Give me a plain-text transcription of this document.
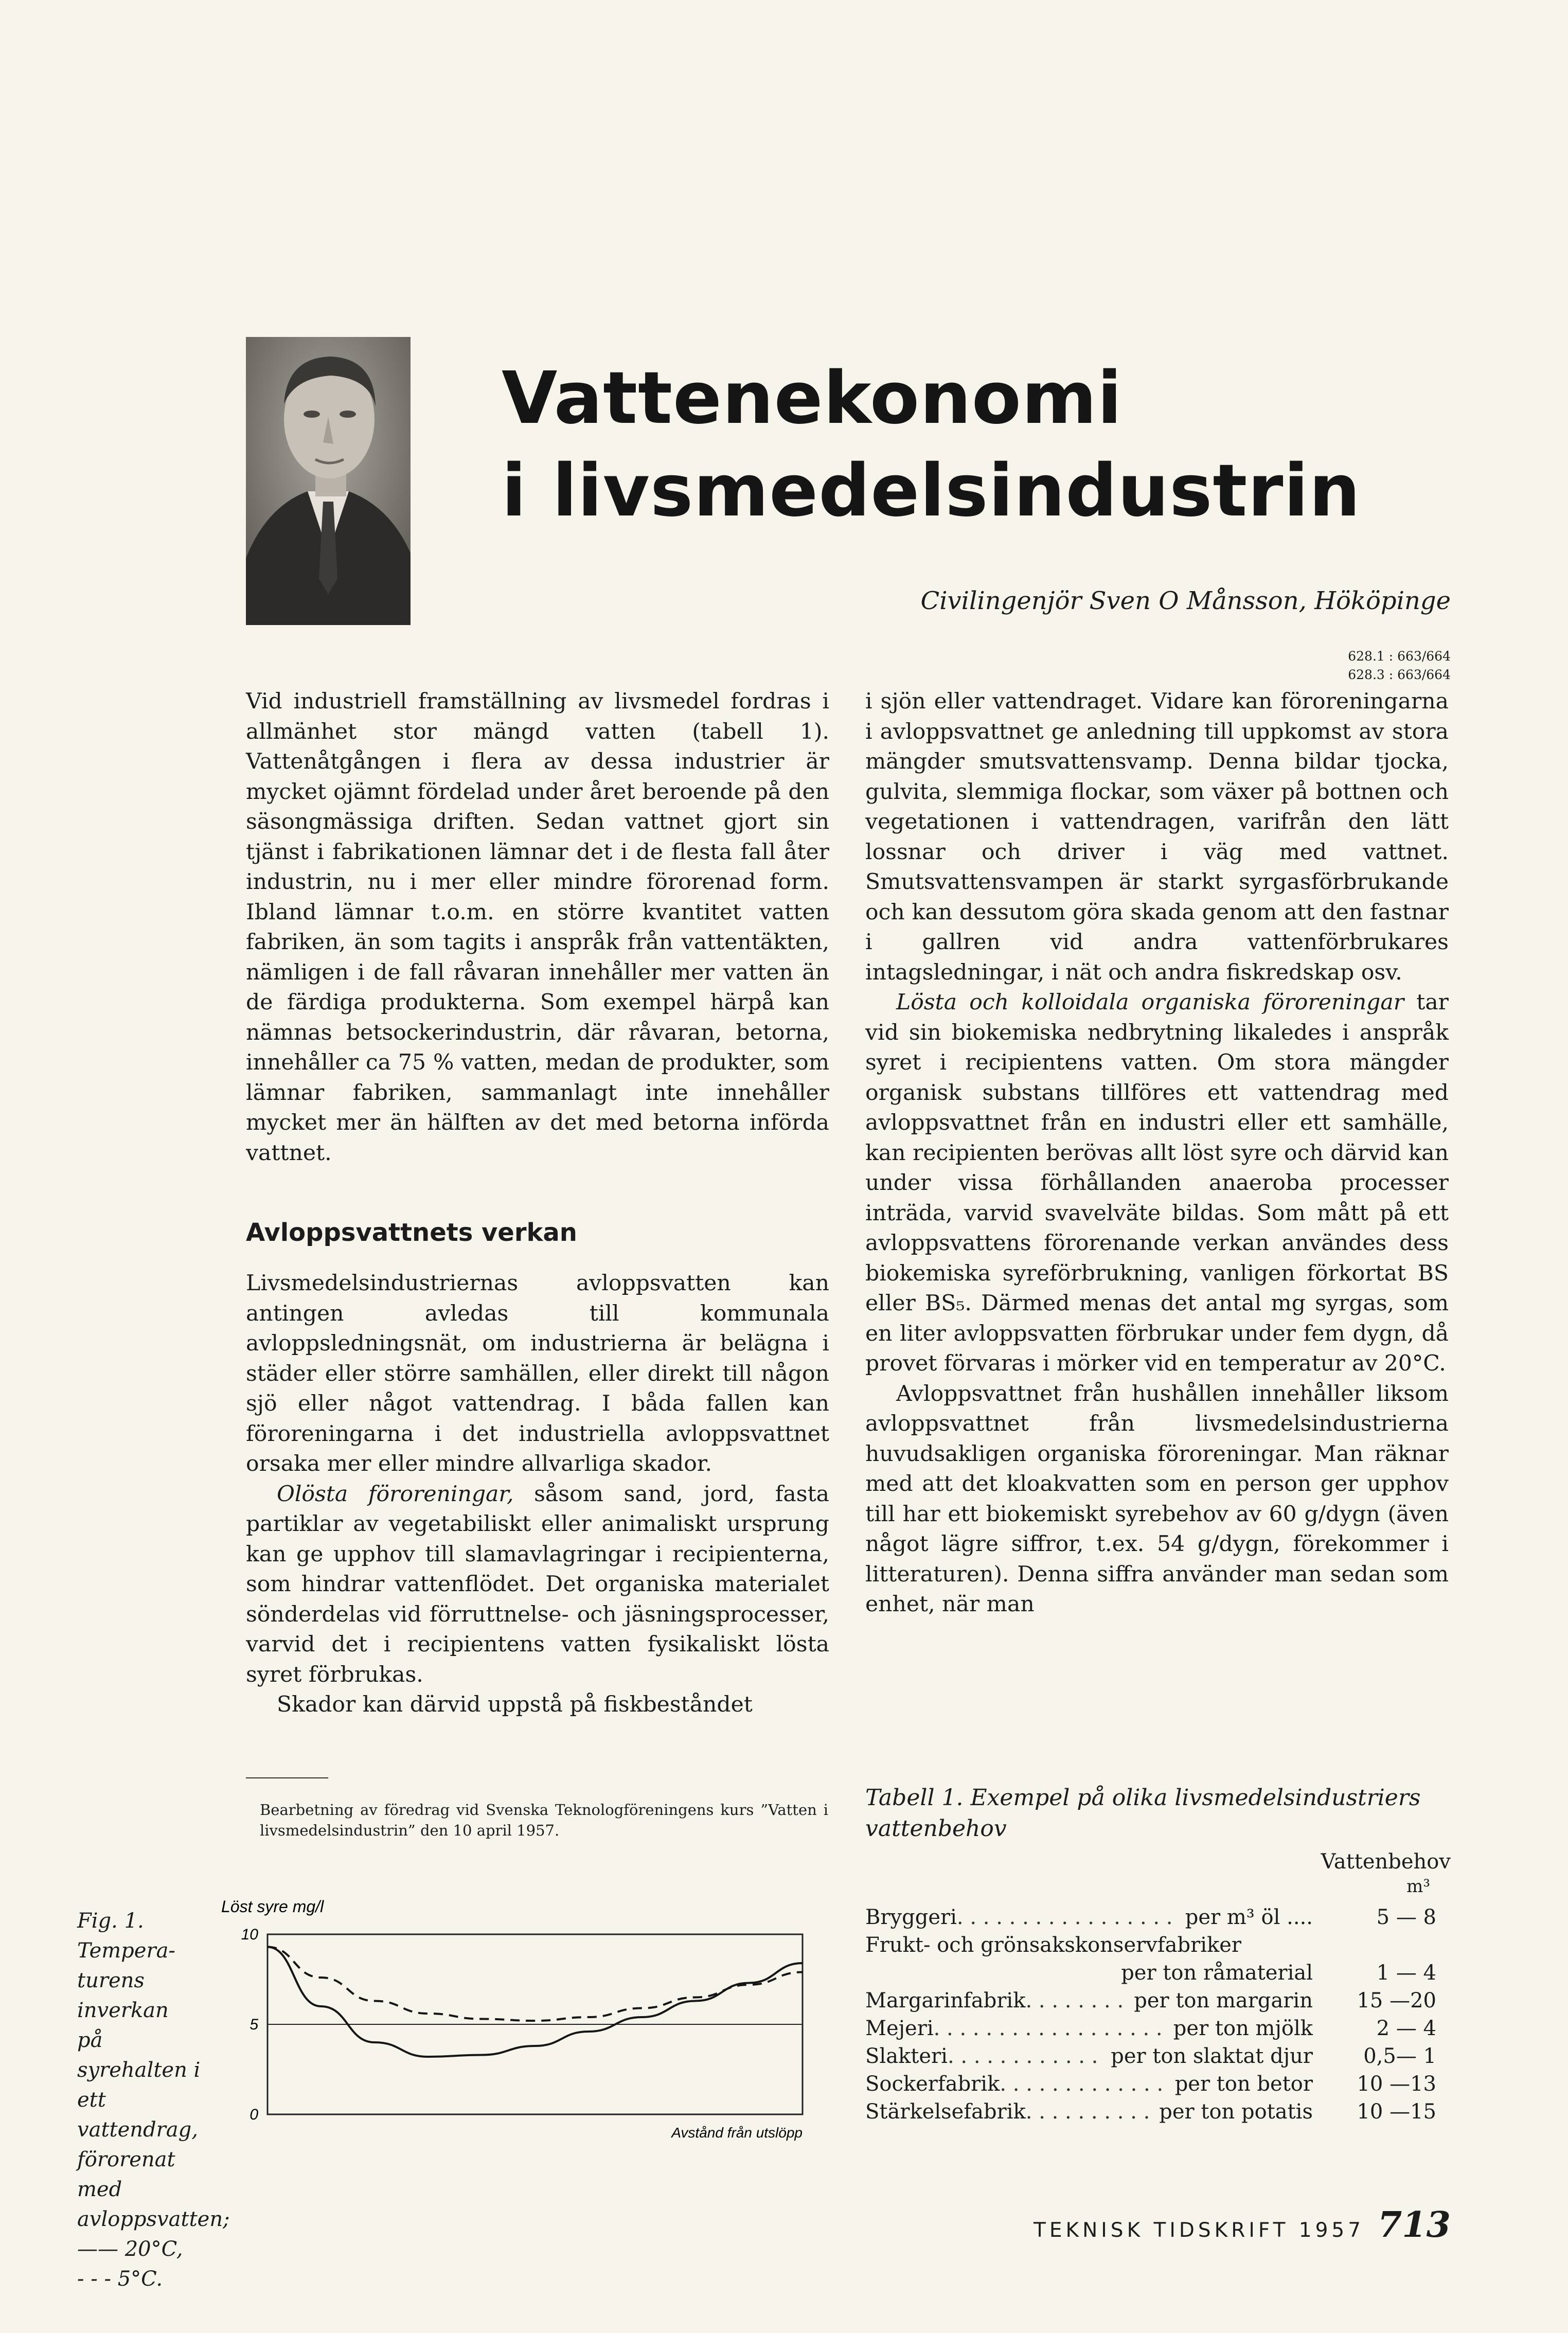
Vattenekonomi
i livsmedelsindustrin
Civilingenjör Sven O Månsson, Hököpinge
628.1 : 663/664
628.3 : 663/664

Vid industriell framställning av livsmedel fordras i allmänhet stor mängd vatten (tabell 1). Vattenåtgången i flera av dessa industrier är mycket ojämnt fördelad under året beroende på den säsongmässiga driften. Sedan vattnet gjort sin tjänst i fabrikationen lämnar det i de flesta fall åter industrin, nu i mer eller mindre förorenad form. Ibland lämnar t.o.m. en större kvantitet vatten fabriken, än som tagits i anspråk från vattentäkten, nämligen i de fall råvaran innehåller mer vatten än de färdiga produkterna. Som exempel härpå kan nämnas betsockerindustrin, där råvaran, betorna, innehåller ca 75 % vatten, medan de produkter, som lämnar fabriken, sammanlagt inte innehåller mycket mer än hälften av det med betorna införda vattnet.

Avloppsvattnets verkan

Livsmedelsindustriernas avloppsvatten kan antingen avledas till kommunala avloppsledningsnät, om industrierna är belägna i städer eller större samhällen, eller direkt till någon sjö eller något vattendrag. I båda fallen kan föroreningarna i det industriella avloppsvattnet orsaka mer eller mindre allvarliga skador.

Olösta föroreningar, såsom sand, jord, fasta partiklar av vegetabiliskt eller animaliskt ursprung kan ge upphov till slamavlagringar i recipienterna, som hindrar vattenflödet. Det organiska materialet sönderdelas vid förruttnelse- och jäsningsprocesser, varvid det i recipientens vatten fysikaliskt lösta syret förbrukas.

Skador kan därvid uppstå på fiskbeståndet

i sjön eller vattendraget. Vidare kan föroreningarna i avloppsvattnet ge anledning till uppkomst av stora mängder smutsvattensvamp. Denna bildar tjocka, gulvita, slemmiga flockar, som växer på bottnen och vegetationen i vattendragen, varifrån den lätt lossnar och driver i väg med vattnet. Smutsvattensvampen är starkt syrgasförbrukande och kan dessutom göra skada genom att den fastnar i gallren vid andra vattenförbrukares intagsledningar, i nät och andra fiskredskap osv.

Lösta och kolloidala organiska föroreningar tar vid sin biokemiska nedbrytning likaledes i anspråk syret i recipientens vatten. Om stora mängder organisk substans tillföres ett vattendrag med avloppsvattnet från en industri eller ett samhälle, kan recipienten berövas allt löst syre och därvid kan under vissa förhållanden anaeroba processer inträda, varvid svavelväte bildas. Som mått på ett avloppsvattens förorenande verkan användes dess biokemiska syreförbrukning, vanligen förkortat BS eller BS₅. Därmed menas det antal mg syrgas, som en liter avloppsvatten förbrukar under fem dygn, då provet förvaras i mörker vid en temperatur av 20°C.

Avloppsvattnet från hushållen innehåller liksom avloppsvattnet från livsmedelsindustrierna huvudsakligen organiska föroreningar. Man räknar med att det kloakvatten som en person ger upphov till har ett biokemiskt syrebehov av 60 g/dygn (även något lägre siffror, t.ex. 54 g/dygn, förekommer i litteraturen). Denna siffra använder man sedan som enhet, när man

Bearbetning av föredrag vid Svenska Teknologföreningens kurs ”Vatten i livsmedelsindustrin” den 10 april 1957.
Fig. 1. Tempera-
turens inverkan
på syrehalten i
ett vattendrag,
förorenat med
avloppsvatten;
—— 20°C,
- - - 5°C.
Löst syre mg/l
Avstånd från utslöpp
10
5
0
Tabell 1. Exempel på olika livsmedelsindustriers vattenbehov
Vattenbehov
m³
Bryggeri . . .	per m³ öl ....	5 — 8
Frukt- och grönsakskonservfabriker
per ton råmaterial	1 — 4
Margarinfabrik . . .	per ton margarin	15 —20
Mejeri . . .	per ton mjölk	2 — 4
Slakteri . . .	per ton slaktat djur	0,5— 1
Sockerfabrik . . .	per ton betor	10 —13
Stärkelsefabrik . . .	per ton potatis	10 —15
TEKNISK TIDSKRIFT 1957 713
